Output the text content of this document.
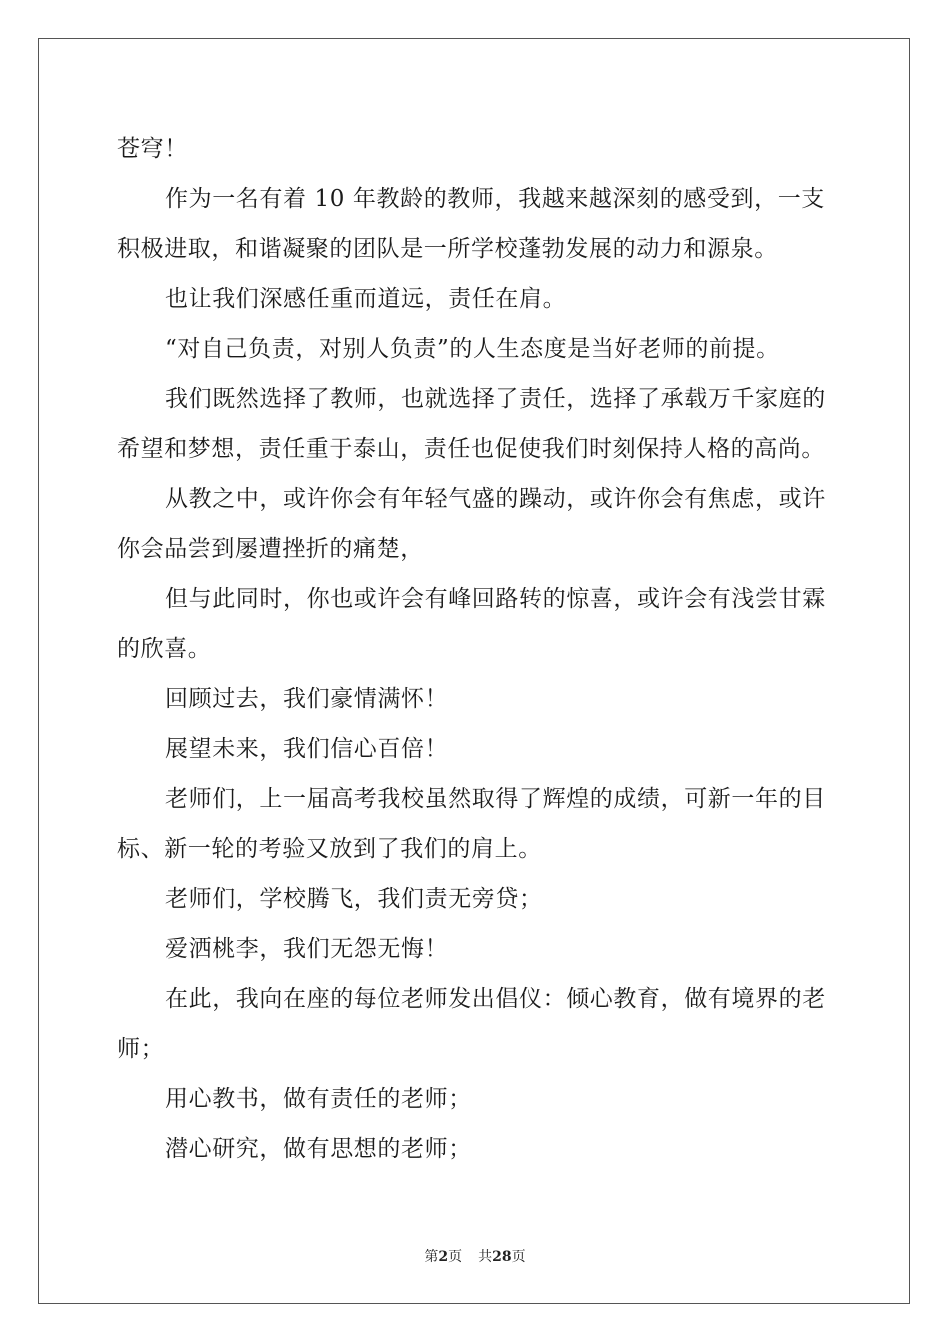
苍穹！
作为一名有着 10 年教龄的教师，我越来越深刻的感受到，一支
积极进取，和谐凝聚的团队是一所学校蓬勃发展的动力和源泉。
也让我们深感任重而道远，责任在肩。
“对自己负责，对别人负责”的人生态度是当好老师的前提。
我们既然选择了教师，也就选择了责任，选择了承载万千家庭的
希望和梦想，责任重于泰山，责任也促使我们时刻保持人格的高尚。
从教之中，或许你会有年轻气盛的躁动，或许你会有焦虑，或许
你会品尝到屡遭挫折的痛楚，
但与此同时，你也或许会有峰回路转的惊喜，或许会有浅尝甘霖
的欣喜。
回顾过去，我们豪情满怀！
展望未来，我们信心百倍！
老师们，上一届高考我校虽然取得了辉煌的成绩，可新一年的目
标、新一轮的考验又放到了我们的肩上。
老师们，学校腾飞，我们责无旁贷；
爱洒桃李，我们无怨无悔！
在此，我向在座的每位老师发出倡仪：倾心教育，做有境界的老
师；
用心教书，做有责任的老师；
潜心研究，做有思想的老师；
第2页 共28页
